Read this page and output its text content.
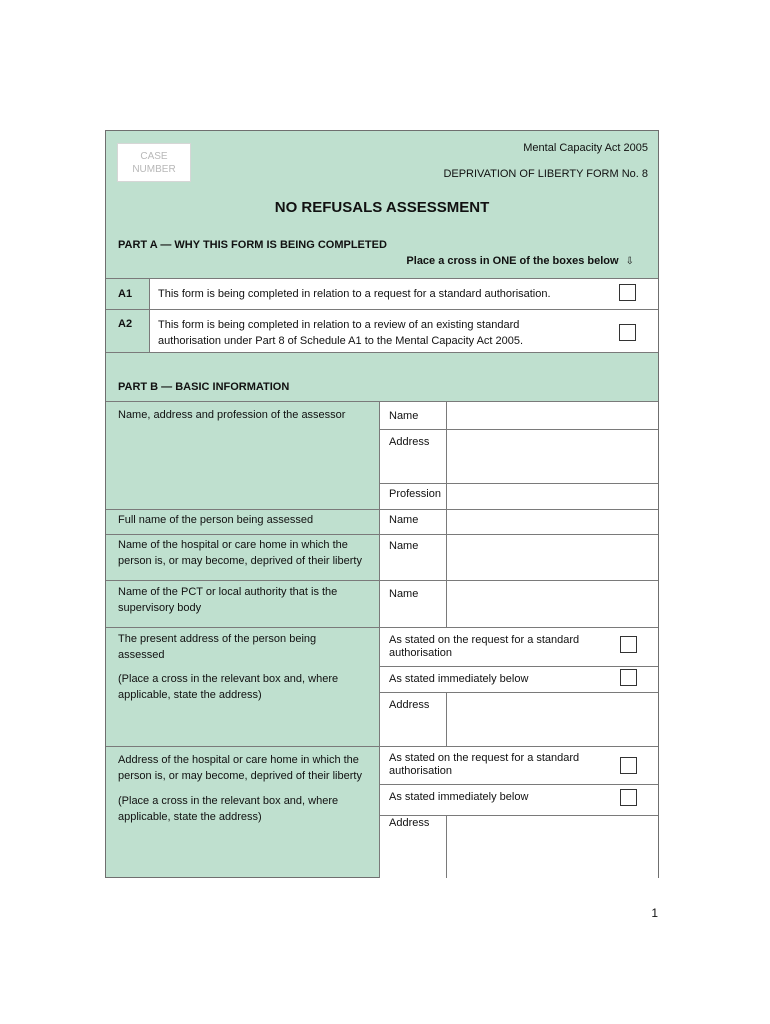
CASE
NUMBER
Mental Capacity Act 2005
DEPRIVATION OF LIBERTY FORM No. 8
NO REFUSALS ASSESSMENT
PART A — WHY THIS FORM IS BEING COMPLETED
Place a cross in ONE of the boxes below ⇩
A1 This form is being completed in relation to a request for a standard authorisation.
A2 This form is being completed in relation to a review of an existing standard
authorisation under Part 8 of Schedule A1 to the Mental Capacity Act 2005.
PART B — BASIC INFORMATION
Name, address and profession of the assessor	Name
Address
Profession
Full name of the person being assessed	Name
Name of the hospital or care home in which the
person is, or may become, deprived of their liberty
Name
Name of the PCT or local authority that is the
supervisory body
Name
The present address of the person being
assessed
(Place a cross in the relevant box and, where
applicable, state the address)
As stated on the request for a standard
authorisation
As stated immediately below
Address
Address of the hospital or care home in which the
person is, or may become, deprived of their liberty
(Place a cross in the relevant box and, where
applicable, state the address)
As stated on the request for a standard
authorisation
As stated immediately below
Address
1
